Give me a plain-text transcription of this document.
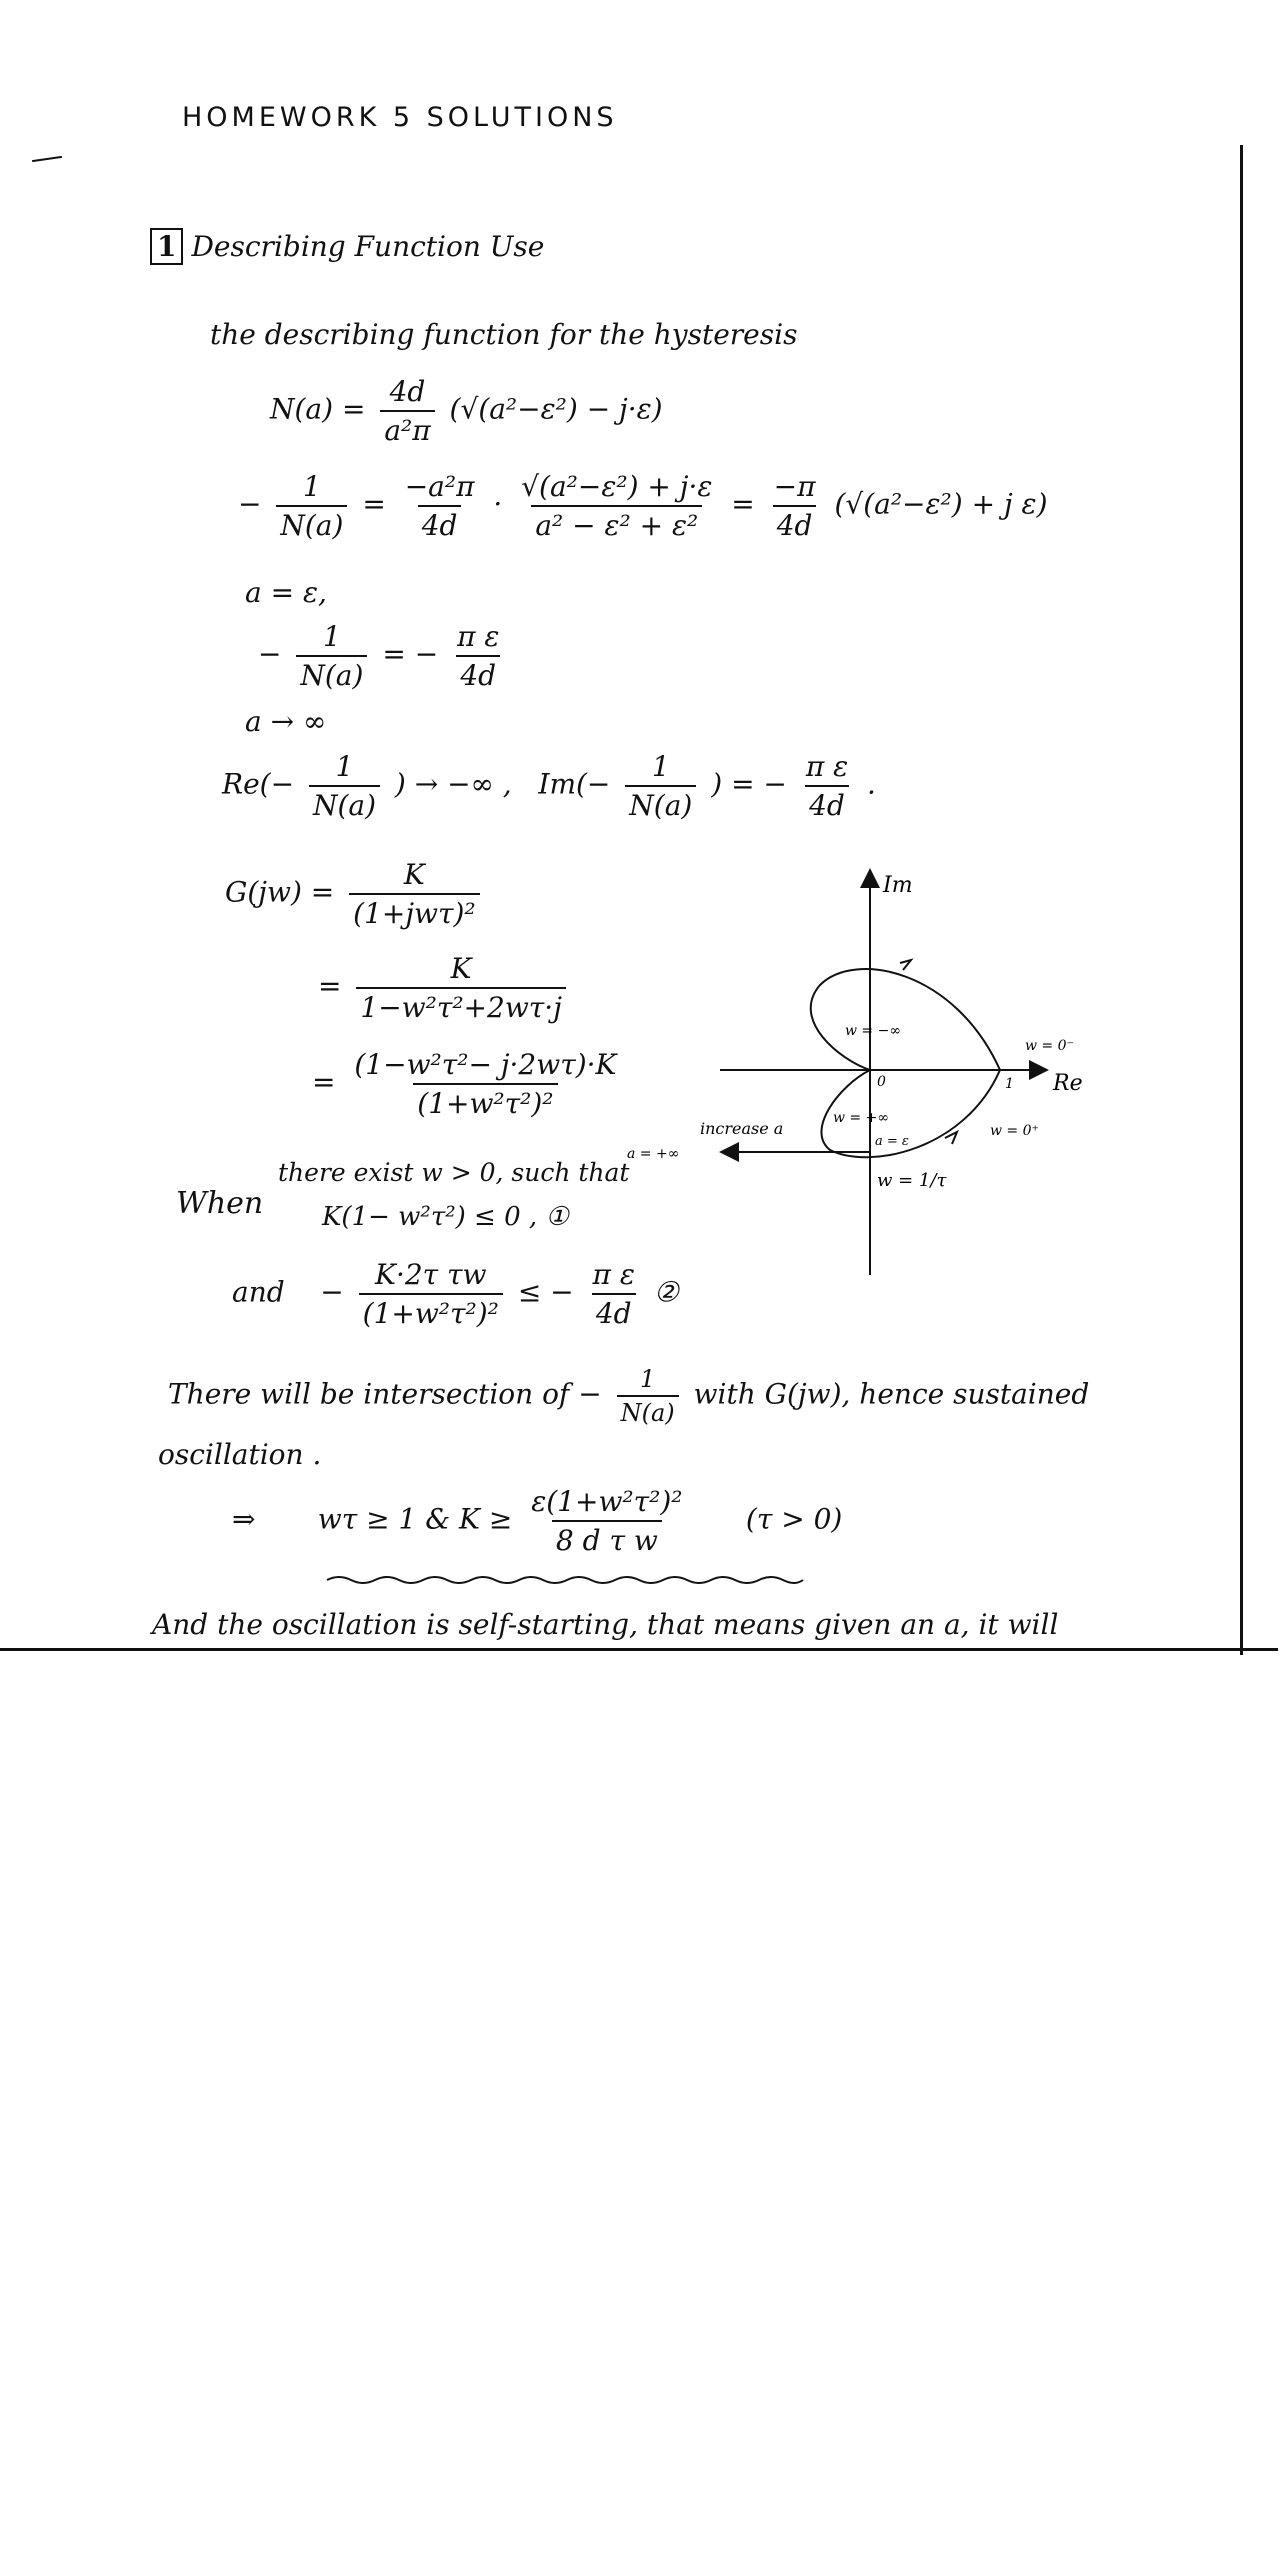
HOMEWORK 5 SOLUTIONS
1 Describing Function Use
the describing function for the hysteresis
$N(a) = \frac{4d}{\text{a²π}} (√(a^2-\varepsilon^2) - j\cdot\varepsilon)$
− $\frac{1}{N(a)} = \frac{\text{−a²π}}{4d} \cdot \frac{\text{√(a²−ε²) + j·ε}}{\text{a² − ε² + ε²}} = \frac{-\pi}{4d} (√(a^2-\varepsilon^2) + j$ ε)
a = ε,
− $\frac{1}{N(a)}$ = − $\frac{\text{π ε}}{4d}$
a → ∞
$Re(- \frac{1}{N(a)}$ ) → −∞ , $Im(- \frac{1}{N(a)}$ ) = − $\frac{\text{π ε}}{4d}$ .
$G(jw) = \frac{K}{\text{(1+jwτ)²}}$
= $\frac{K}{\text{1−w²τ²+2wτ·j}}$
= $\frac{\text{(1−w²τ²− j·2wτ)·K}}{\text{(1+w²τ²)²}}$
there exist w > 0, such that
When K(1− w²τ²) ≤ 0 , ①
and − $\frac{\text{K·2τ τw}}{\text{(1+w²τ²)²}}$ ≤ − $\frac{\text{π ε}}{4d}$ ②
There will be intersection of − $\frac{1}{N(a)}$ with G(jw), hence sustained
oscillation .
⇒ wτ ≥ 1 & $K \ge \frac{\text{ε(1+w²τ²)²}}{\text{8 d τ w}} (\tau > 0)$
And the oscillation is self-starting, that means given an a, it will
Im
Re
w = 0⁻
w = 0⁺
1
0
w = −∞
w = +∞
a = ε
a = +∞
increase a
w = 1/τ
